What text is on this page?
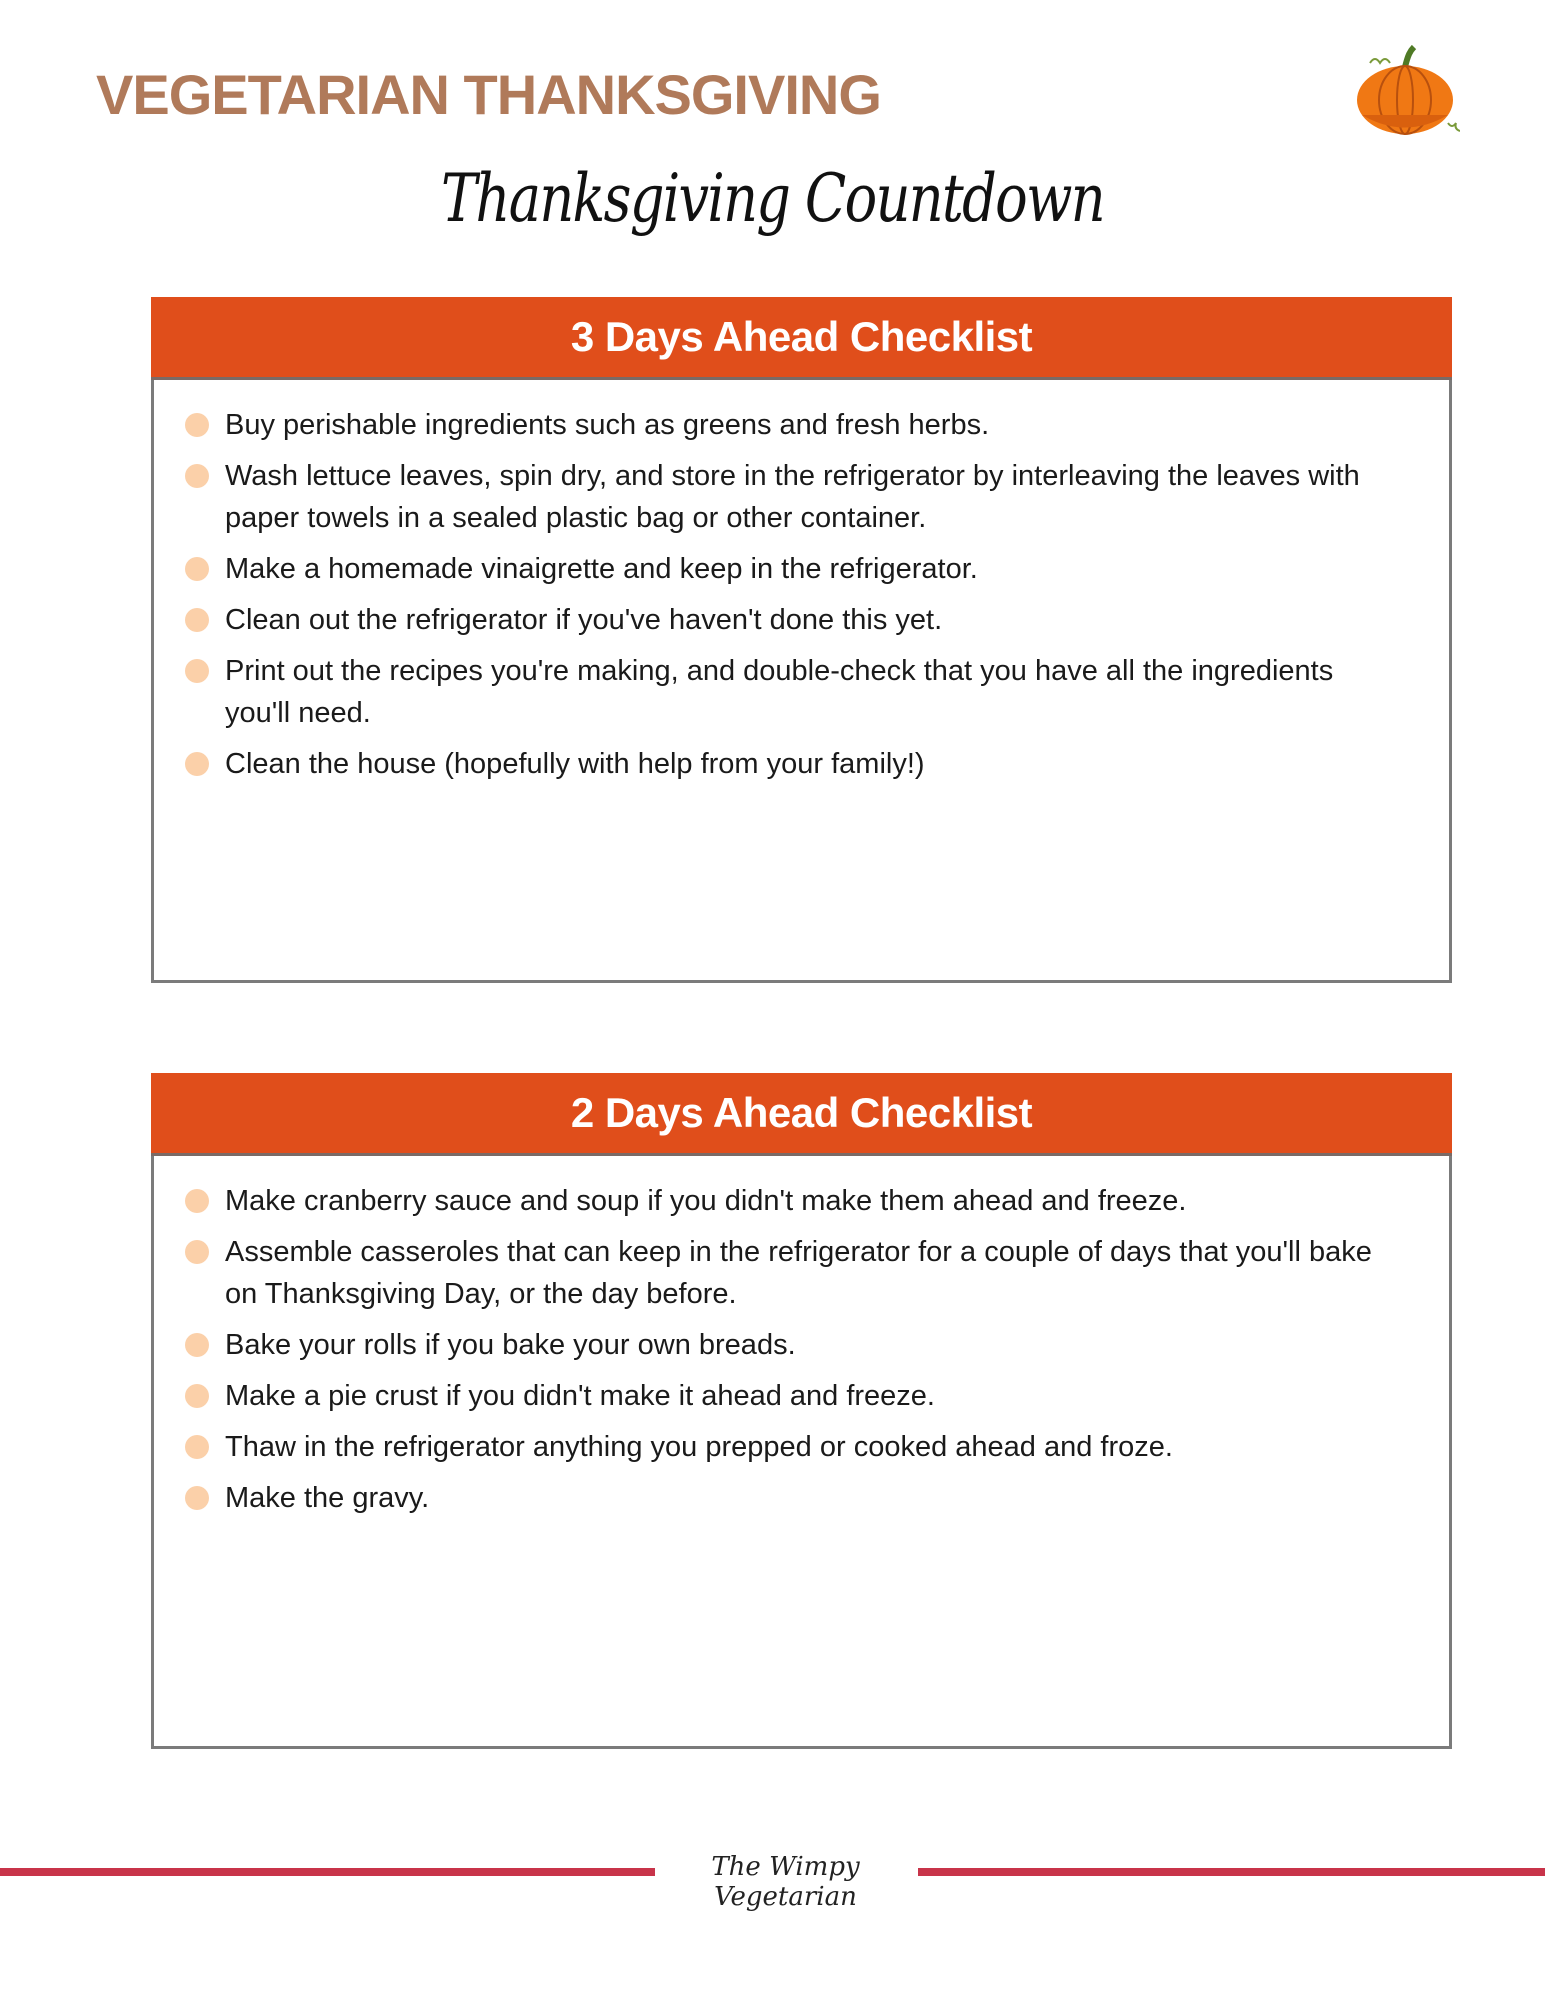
VEGETARIAN THANKSGIVING
Thanksgiving Countdown
3 Days Ahead Checklist
Buy perishable ingredients such as greens and fresh herbs.
Wash lettuce leaves, spin dry, and store in the refrigerator by interleaving the leaves with paper towels in a sealed plastic bag or other container.
Make a homemade vinaigrette and keep in the refrigerator.
Clean out the refrigerator if you've haven't done this yet.
Print out the recipes you're making, and double-check that you have all the ingredients you'll need.
Clean the house (hopefully with help from your family!)
2 Days Ahead Checklist
Make cranberry sauce and soup if you didn't make them ahead and freeze.
Assemble casseroles that can keep in the refrigerator for a couple of days that you'll bake on Thanksgiving Day, or the day before.
Bake your rolls if you bake your own breads.
Make a pie crust if you didn't make it ahead and freeze.
Thaw in the refrigerator anything you prepped or cooked ahead and froze.
Make the gravy.
The Wimpy Vegetarian
